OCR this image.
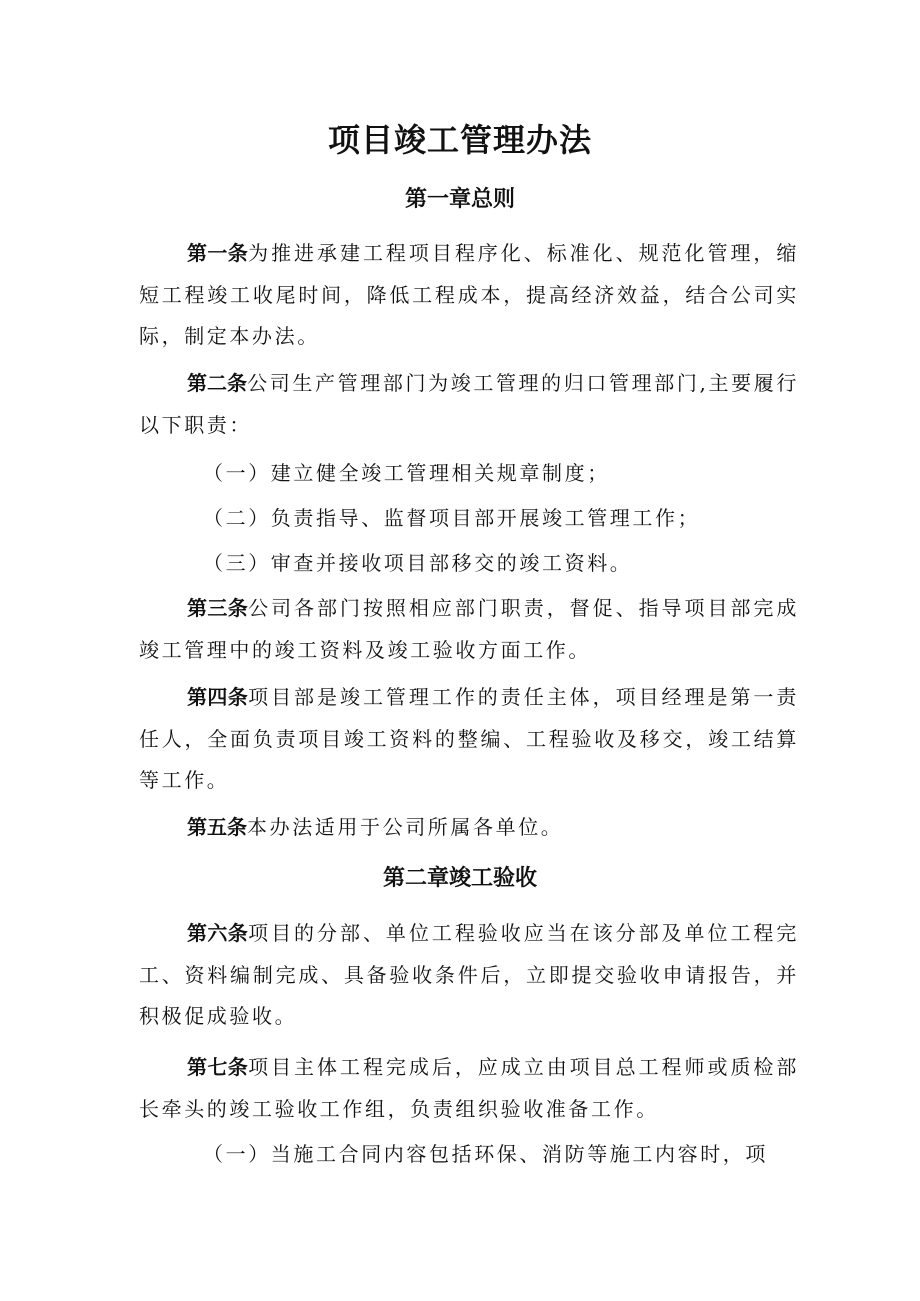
项目竣工管理办法
第一章总则

第一条为推进承建工程项目程序化、标准化、规范化管理，缩短工程竣工收尾时间，降低工程成本，提高经济效益，结合公司实际，制定本办法。

第二条公司生产管理部门为竣工管理的归口管理部门,主要履行以下职责：

（一）建立健全竣工管理相关规章制度；

（二）负责指导、监督项目部开展竣工管理工作；

（三）审查并接收项目部移交的竣工资料。

第三条公司各部门按照相应部门职责，督促、指导项目部完成竣工管理中的竣工资料及竣工验收方面工作。

第四条项目部是竣工管理工作的责任主体，项目经理是第一责任人，全面负责项目竣工资料的整编、工程验收及移交，竣工结算等工作。

第五条本办法适用于公司所属各单位。

第二章竣工验收

第六条项目的分部、单位工程验收应当在该分部及单位工程完工、资料编制完成、具备验收条件后，立即提交验收申请报告，并积极促成验收。

第七条项目主体工程完成后，应成立由项目总工程师或质检部长牵头的竣工验收工作组，负责组织验收准备工作。

（一）当施工合同内容包括环保、消防等施工内容时，项
